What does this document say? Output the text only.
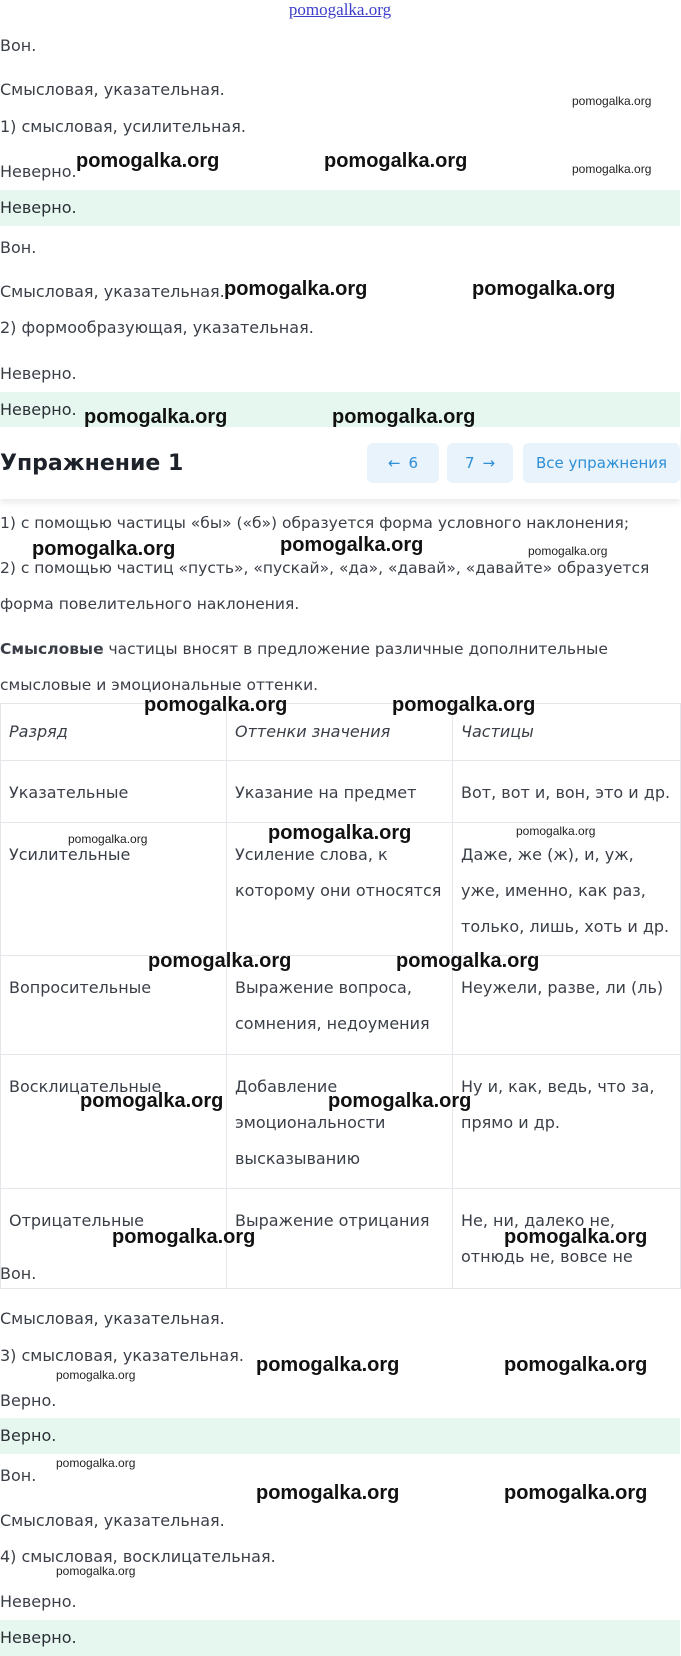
pomogalka.org
Вон.
Смысловая, указательная.
1) смысловая, усилительная.
Неверно.
Неверно.
Вон.
Смысловая, указательная.
2) формообразующая, указательная.
Неверно.
Неверно.
Упражнение 1	← 6	7 →	Все упражнения
1) с помощью частицы «бы» («б») образуется форма условного наклонения;
2) с помощью частиц «пусть», «пускай», «да», «давай», «давайте» образуется
форма повелительного наклонения.
Смысловые частицы вносят в предложение различные дополнительные
смысловые и эмоциональные оттенки.
Разряд	Оттенки значения	Частицы
Указательные	Указание на предмет	Вот, вот и, вон, это и др.
Усилительные	Усиление слова, к которому они относятся	Даже, же (ж), и, уж, уже, именно, как раз, только, лишь, хоть и др.
Вопросительные	Выражение вопроса, сомнения, недоумения	Неужели, разве, ли (ль)
Восклицательные	Добавление эмоциональности высказыванию	Ну и, как, ведь, что за, прямо и др.
Отрицательные	Выражение отрицания	Не, ни, далеко не, отнюдь не, вовсе не
Вон.
Смысловая, указательная.
3) смысловая, указательная.
Верно.
Верно.
Вон.
Смысловая, указательная.
4) смысловая, восклицательная.
Неверно.
Неверно.
pomogalka.org
pomogalka.org	pomogalka.org	pomogalka.org
pomogalka.org	pomogalka.org
pomogalka.org	pomogalka.org
pomogalka.org	pomogalka.org	pomogalka.org
pomogalka.org	pomogalka.org
pomogalka.org	pomogalka.org	pomogalka.org
pomogalka.org	pomogalka.org
pomogalka.org	pomogalka.org
pomogalka.org	pomogalka.org
pomogalka.org	pomogalka.org
pomogalka.org
pomogalka.org
pomogalka.org	pomogalka.org
pomogalka.org
